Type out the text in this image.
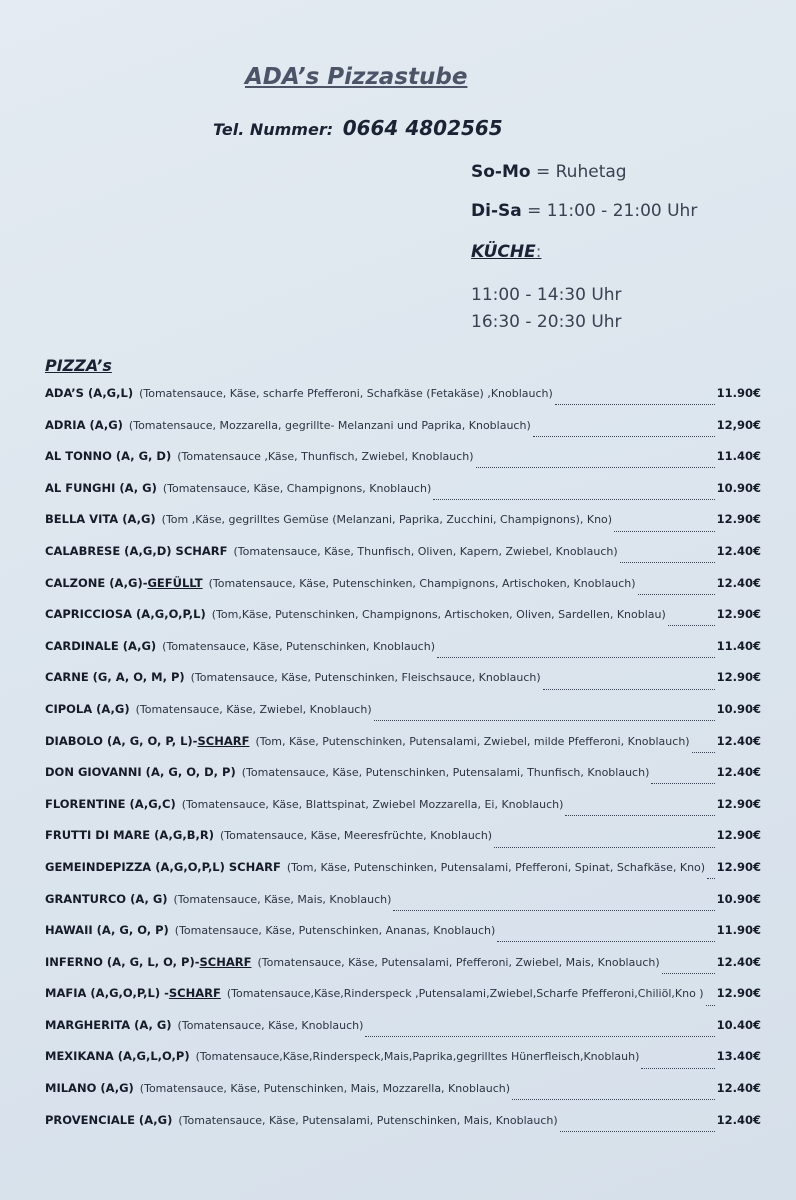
ADA’s Pizzastube
Tel. Nummer: 0664 4802565
So-Mo = Ruhetag
Di-Sa = 11:00 - 21:00 Uhr
KÜCHE:
11:00 - 14:30 Uhr
16:30 - 20:30 Uhr
PIZZA’s
ADA’S (A,G,L) (Tomatensauce, Käse, scharfe Pfefferoni, Schafkäse (Fetakäse) ,Knoblauch)	11.90€
ADRIA (A,G) (Tomatensauce, Mozzarella, gegrillte- Melanzani und Paprika, Knoblauch)	12,90€
AL TONNO (A, G, D) (Tomatensauce ,Käse, Thunfisch, Zwiebel, Knoblauch)	11.40€
AL FUNGHI (A, G) (Tomatensauce, Käse, Champignons, Knoblauch)	10.90€
BELLA VITA (A,G) (Tom ,Käse, gegrilltes Gemüse (Melanzani, Paprika, Zucchini, Champignons), Kno)	12.90€
CALABRESE (A,G,D) SCHARF (Tomatensauce, Käse, Thunfisch, Oliven, Kapern, Zwiebel, Knoblauch)	12.40€
CALZONE (A,G)- GEFÜLLT (Tomatensauce, Käse, Putenschinken, Champignons, Artischoken, Knoblauch)	12.40€
CAPRICCIOSA (A,G,O,P,L) (Tom,Käse, Putenschinken, Champignons, Artischoken, Oliven, Sardellen, Knoblau)	12.90€
CARDINALE (A,G) (Tomatensauce, Käse, Putenschinken, Knoblauch)	11.40€
CARNE (G, A, O, M, P) (Tomatensauce, Käse, Putenschinken, Fleischsauce, Knoblauch)	12.90€
CIPOLA (A,G) (Tomatensauce, Käse, Zwiebel, Knoblauch)	10.90€
DIABOLO (A, G, O, P, L)- SCHARF (Tom, Käse, Putenschinken, Putensalami, Zwiebel, milde Pfefferoni, Knoblauch) 12.40€
DON GIOVANNI (A, G, O, D, P) (Tomatensauce, Käse, Putenschinken, Putensalami, Thunfisch, Knoblauch)	12.40€
FLORENTINE (A,G,C) (Tomatensauce, Käse, Blattspinat, Zwiebel Mozzarella, Ei, Knoblauch)	12.90€
FRUTTI DI MARE (A,G,B,R) (Tomatensauce, Käse, Meeresfrüchte, Knoblauch)	12.90€
GEMEINDEPIZZA (A,G,O,P,L) SCHARF (Tom, Käse, Putenschinken, Putensalami, Pfefferoni, Spinat, Schafkäse, Kno) 12.90€
GRANTURCO (A, G) (Tomatensauce, Käse, Mais, Knoblauch)	10.90€
HAWAII (A, G, O, P) (Tomatensauce, Käse, Putenschinken, Ananas, Knoblauch)	11.90€
INFERNO (A, G, L, O, P)- SCHARF (Tomatensauce, Käse, Putensalami, Pfefferoni, Zwiebel, Mais, Knoblauch)	12.40€
MAFIA (A,G,O,P,L) - SCHARF (Tomatensauce,Käse,Rinderspeck ,Putensalami,Zwiebel,Scharfe Pfefferoni,Chiliöl,Kno ) 12.90€
MARGHERITA (A, G) (Tomatensauce, Käse, Knoblauch)	10.40€
MEXIKANA (A,G,L,O,P) (Tomatensauce,Käse,Rinderspeck,Mais,Paprika,gegrilltes Hünerfleisch,Knoblauh)	13.40€
MILANO (A,G) (Tomatensauce, Käse, Putenschinken, Mais, Mozzarella, Knoblauch)	12.40€
PROVENCIALE (A,G) (Tomatensauce, Käse, Putensalami, Putenschinken, Mais, Knoblauch)	12.40€
